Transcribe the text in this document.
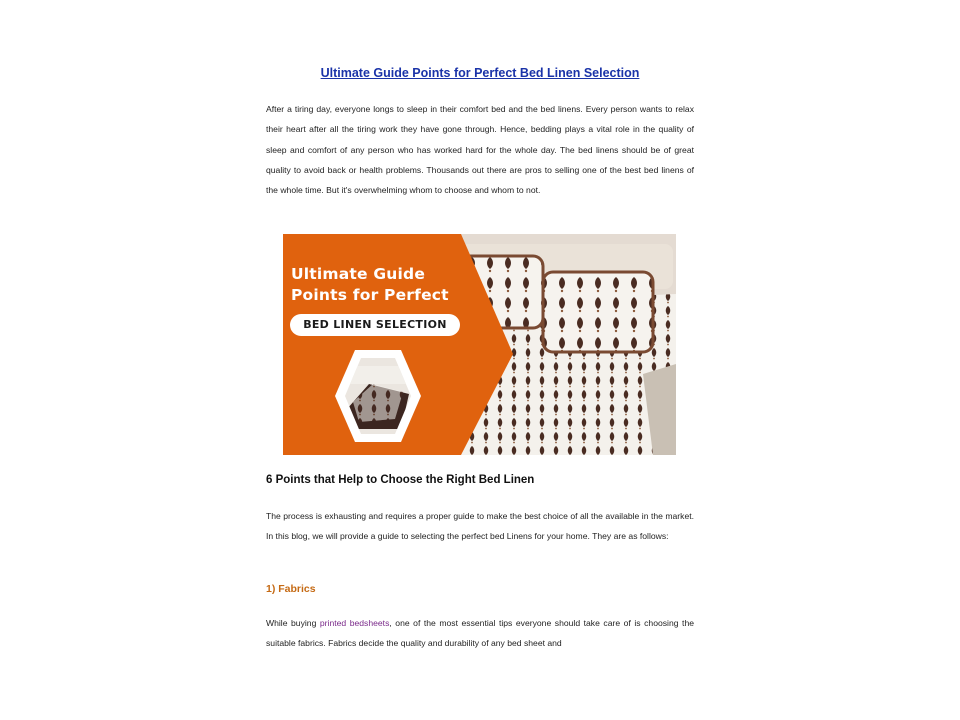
Ultimate Guide Points for Perfect Bed Linen Selection

After a tiring day, everyone longs to sleep in their comfort bed and the bed linens. Every person wants to relax their heart after all the tiring work they have gone through. Hence, bedding plays a vital role in the quality of sleep and comfort of any person who has worked hard for the whole day. The bed linens should be of great quality to avoid back or health problems. Thousands out there are pros to selling one of the best bed linens of the whole time. But it's overwhelming whom to choose and whom to not.

6 Points that Help to Choose the Right Bed Linen

The process is exhausting and requires a proper guide to make the best choice of all the available in the market. In this blog, we will provide a guide to selecting the perfect bed Linens for your home. They are as follows:

1) Fabrics

While buying printed bedsheets, one of the most essential tips everyone should take care of is choosing the suitable fabrics. Fabrics decide the quality and durability of any bed sheet and

Ultimate Guide
Points for Perfect
BED LINEN SELECTION
